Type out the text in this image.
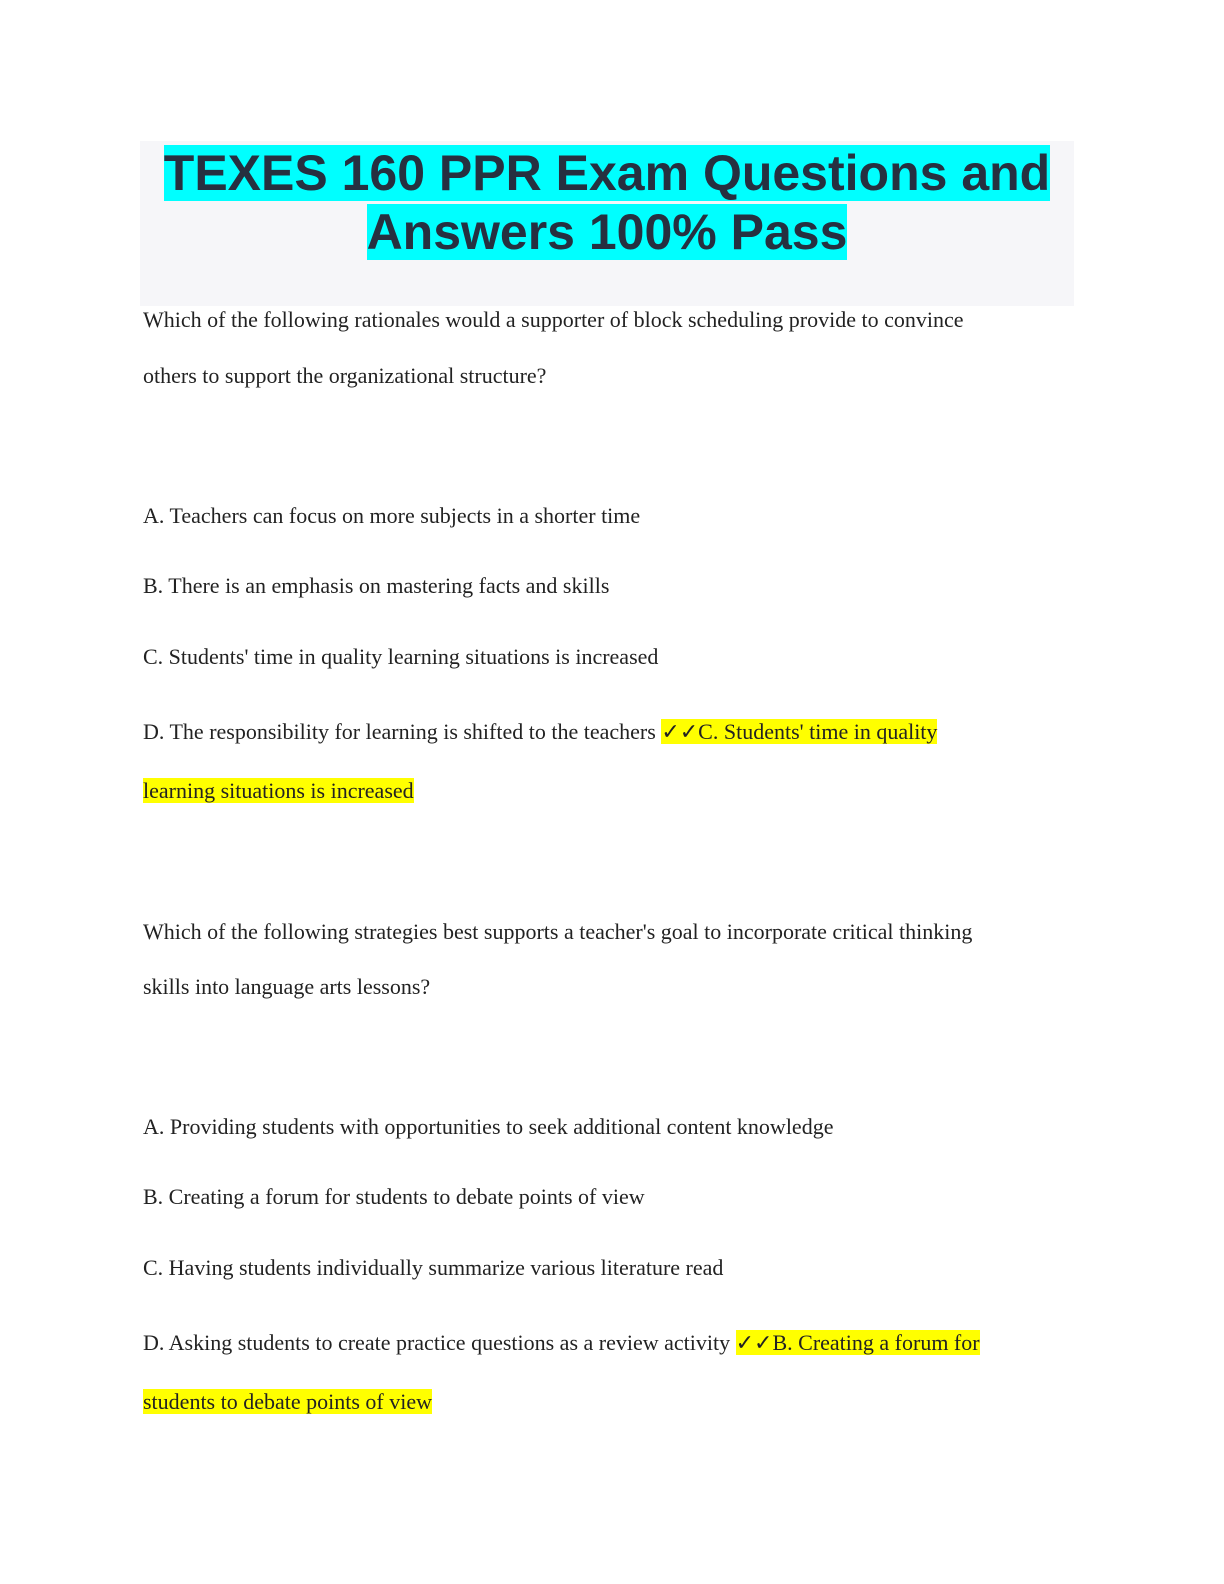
TEXES 160 PPR Exam Questions and
Answers 100% Pass

Which of the following rationales would a supporter of block scheduling provide to convince

others to support the organizational structure?

A. Teachers can focus on more subjects in a shorter time

B. There is an emphasis on mastering facts and skills

C. Students' time in quality learning situations is increased

D. The responsibility for learning is shifted to the teachers ✓✓C. Students' time in quality

learning situations is increased

Which of the following strategies best supports a teacher's goal to incorporate critical thinking

skills into language arts lessons?

A. Providing students with opportunities to seek additional content knowledge

B. Creating a forum for students to debate points of view

C. Having students individually summarize various literature read

D. Asking students to create practice questions as a review activity ✓✓B. Creating a forum for

students to debate points of view
